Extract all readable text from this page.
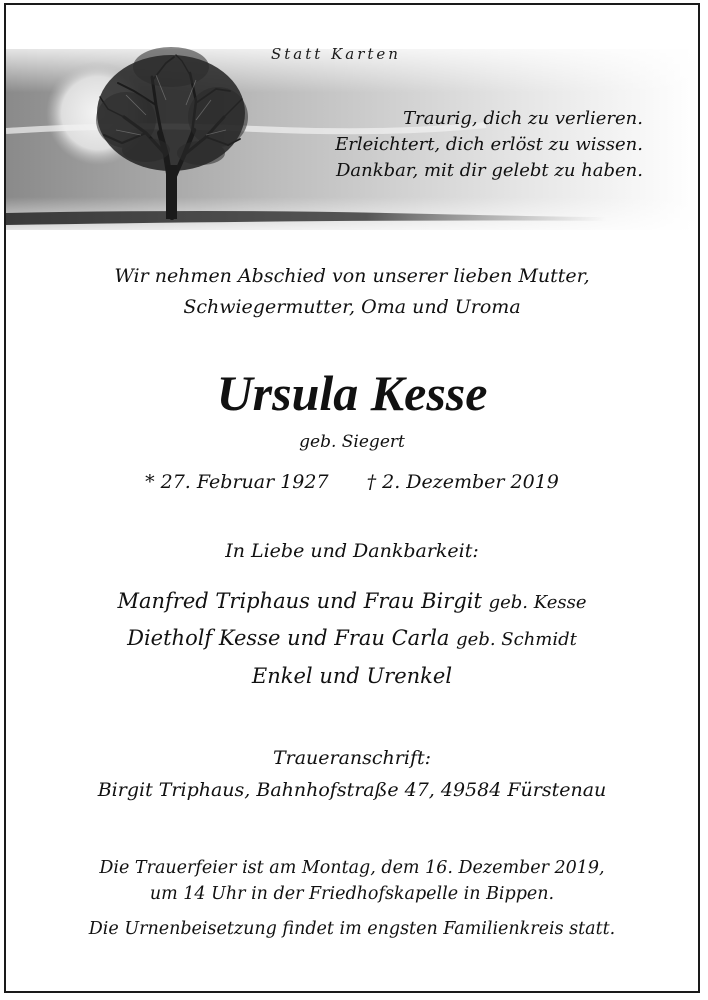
Statt Karten
Traurig, dich zu verlieren.
Erleichtert, dich erlöst zu wissen.
Dankbar, mit dir gelebt zu haben.
Wir nehmen Abschied von unserer lieben Mutter,
Schwiegermutter, Oma und Uroma
Ursula Kesse
geb. Siegert
* 27. Februar 1927 † 2. Dezember 2019
In Liebe und Dankbarkeit:
Manfred Triphaus und Frau Birgit geb. Kesse
Dietholf Kesse und Frau Carla geb. Schmidt
Enkel und Urenkel
Traueranschrift:
Birgit Triphaus, Bahnhofstraße 47, 49584 Fürstenau
Die Trauerfeier ist am Montag, dem 16. Dezember 2019,
um 14 Uhr in der Friedhofskapelle in Bippen.
Die Urnenbeisetzung findet im engsten Familienkreis statt.
